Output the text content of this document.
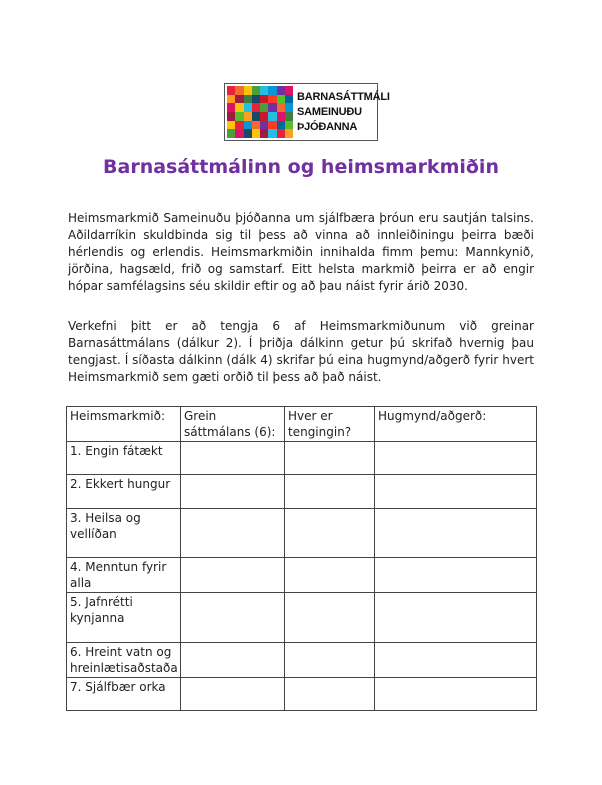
BARNASÁTTMÁLI
SAMEINUÐU
ÞJÓÐANNA
Barnasáttmálinn og heimsmarkmiðin

Heimsmarkmið Sameinuðu þjóðanna um sjálfbæra þróun eru sautján talsins. Aðildarríkin skuldbinda sig til þess að vinna að innleiðiningu þeirra bæði hérlendis og erlendis. Heimsmarkmiðin innihalda fimm þemu: Mannkynið, jörðina, hagsæld, frið og samstarf. Eitt helsta markmið þeirra er að engir hópar samfélagsins séu skildir eftir og að þau náist fyrir árið 2030.

Verkefni þitt er að tengja 6 af Heimsmarkmiðunum við greinar Barnasáttmálans (dálkur 2). Í þriðja dálkinn getur þú skrifað hvernig þau tengjast. Í síðasta dálkinn (dálk 4) skrifar þú eina hugmynd/aðgerð fyrir hvert Heimsmarkmið sem gæti orðið til þess að það náist.

Heimsmarkmið:	Grein sáttmálans (6):	Hver er tengingin?	Hugmynd/aðgerð:
1. Engin fátækt			
2. Ekkert hungur			
3. Heilsa og vellíðan			
4. Menntun fyrir alla			
5. Jafnrétti kynjanna			
6. Hreint vatn og hreinlætisaðstaða			
7. Sjálfbær orka			
